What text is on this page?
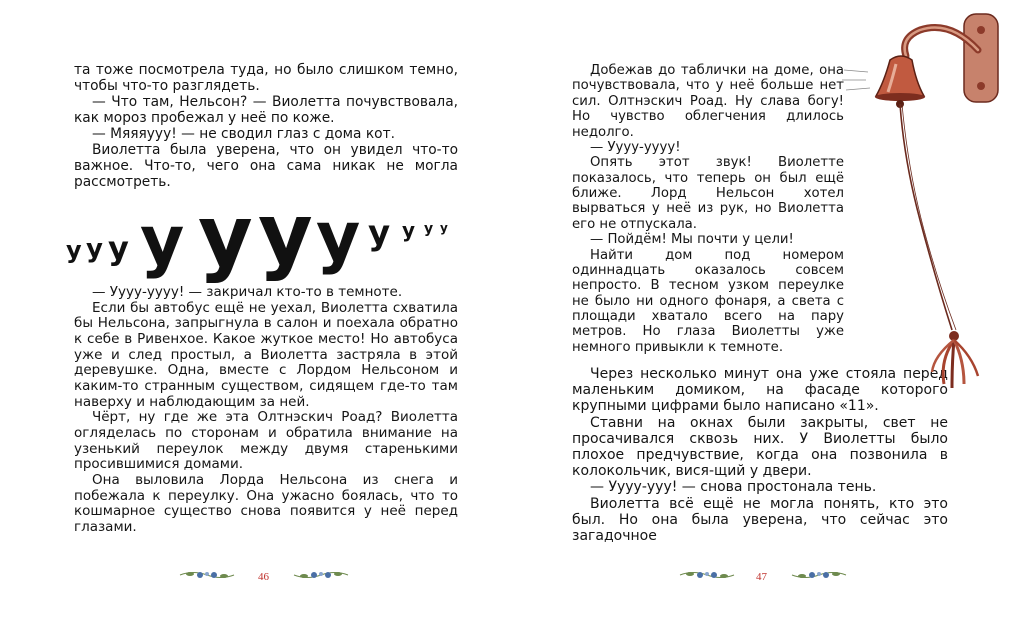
та тоже посмотрела туда, но было слишком темно, чтобы что-то разглядеть.

— Что там, Нельсон? — Виолетта почувствовала, как мороз пробежал у неё по коже.

— Мяяяууу! — не сводил глаз с дома кот.

Виолетта была уверена, что он увидел что-то важное. Что-то, чего она сама никак не могла рассмотреть.

у у у у у у у у у у у

— Уууу-уууу! — закричал кто-то в темноте.

Если бы автобус ещё не уехал, Виолетта схватила бы Нельсона, запрыгнула в салон и поехала обратно к себе в Ривенхое. Какое жуткое место! Но автобуса уже и след простыл, а Виолетта застряла в этой деревушке. Одна, вместе с Лордом Нельсоном и каким-то странным существом, сидящем где-то там наверху и наблюдающим за ней.

Чёрт, ну где же эта Олтнэскич Роад? Виолетта огляделась по сторонам и обратила внимание на узенький переулок между двумя старенькими просившимися домами.

Она выловила Лорда Нельсона из снега и побежала к переулку. Она ужасно боялась, что то кошмарное существо снова появится у неё перед глазами.

46

Добежав до таблички на доме, она почувствовала, что у неё больше нет сил. Олтнэскич Роад. Ну слава богу! Но чувство облегчения длилось недолго.

— Уууу-уууу!

Опять этот звук! Виолетте показалось, что теперь он был ещё ближе. Лорд Нельсон хотел вырваться у неё из рук, но Виолетта его не отпускала.

— Пойдём! Мы почти у цели!

Найти дом под номером одиннадцать оказалось совсем непросто. В тесном узком переулке не было ни одного фонаря, а света с площади хватало всего на пару метров. Но глаза Виолетты уже немного привыкли к темноте.

Через несколько минут она уже стояла перед маленьким домиком, на фасаде которого крупными цифрами было написано «11».

Ставни на окнах были закрыты, свет не просачивался сквозь них. У Виолетты было плохое предчувствие, когда она позвонила в колокольчик, вися-щий у двери.

— Уууу-ууу! — снова простонала тень.

Виолетта всё ещё не могла понять, кто это был. Но она была уверена, что сейчас это загадочное

47
